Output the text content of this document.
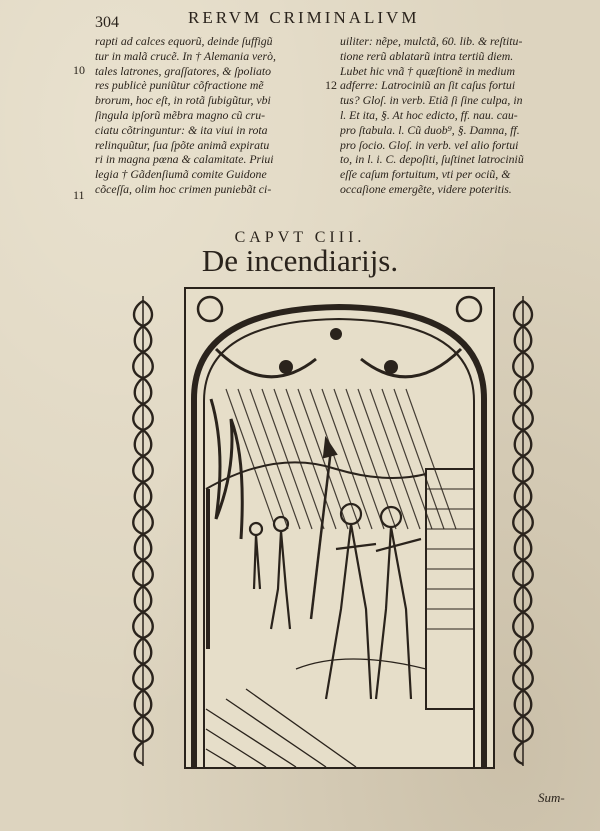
304	RERVM CRIMINALIVM
rapti ad calces equorũ, deinde ſuffigũ
tur in malã crucẽ. In † Alemania verò,
tales latrones, graſſatores, & ſpoliato
res publicè puniũtur cõfractione mẽ
brorum, hoc eſt, in rotã ſubigũtur, vbi
ſingula ipſorũ mẽbra magno cũ cru-
ciatu cõtringuntur: & ita viui in rota
relinquũtur, ſua ſpõte animã expiratu
ri in magna pœna & calamitate. Priui
legia † Gãdenſiumã comite Guidone
cõceſſa, olim hoc crimen puniebãt ci-
uiliter: nẽpe, mulctã, 60. lib. & reſtitu-
tione rerũ ablatarũ intra tertiũ diem.
Lubet hic vnã † quæſtionẽ in medium
adferre: Latrociniũ an ſit caſus fortui
tus? Gloſ. in verb. Etiã ſi ſine culpa, in
l. Et ita, §. At hoc edicto, ff. nau. cau-
pro ſtabula. l. Cũ duob⁹, §. Damna, ff.
pro ſocio. Gloſ. in verb. vel alio fortui
to, in l. i. C. depoſiti, ſuſtinet latrociniũ
eſſe caſum fortuitum, vti per ociũ, &
occaſione emergẽte, videre poteritis.
10
11
12
CAPVT CIII.
De incendiarijs.
Sum-
